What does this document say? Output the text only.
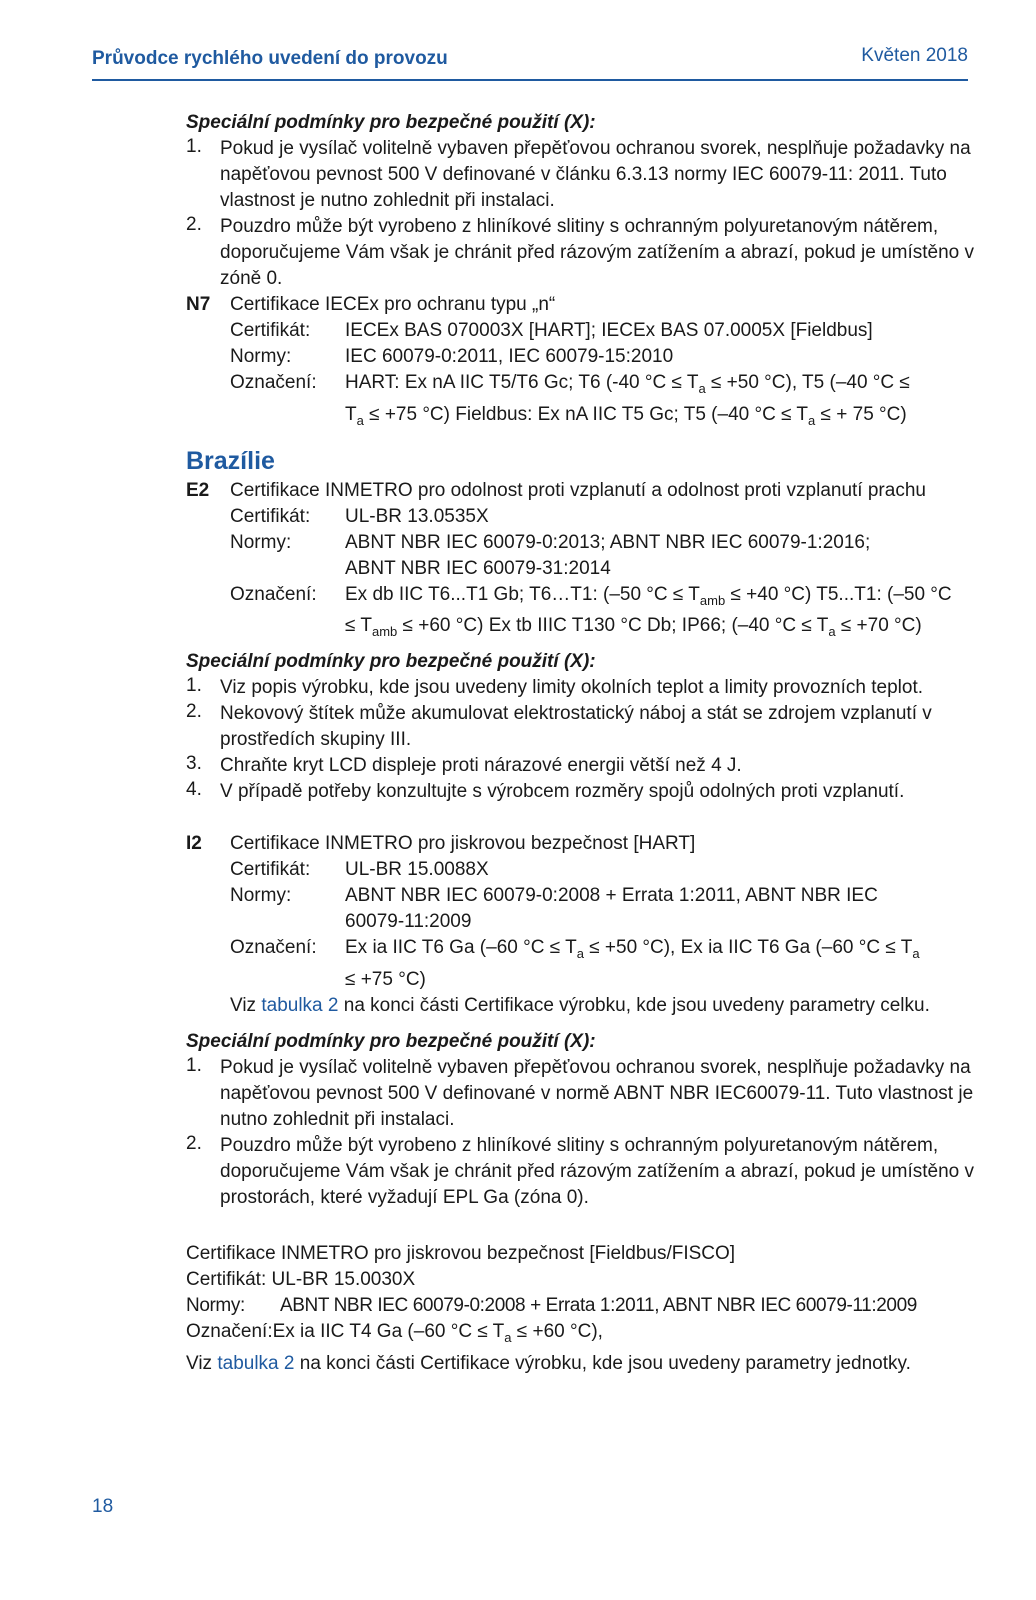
Průvodce rychlého uvedení do provozu	Květen 2018
Speciální podmínky pro bezpečné použití (X):
1. Pokud je vysílač volitelně vybaven přepěťovou ochranou svorek, nesplňuje požadavky na napěťovou pevnost 500 V definované v článku 6.3.13 normy IEC 60079-11: 2011. Tuto vlastnost je nutno zohlednit při instalaci.
2. Pouzdro může být vyrobeno z hliníkové slitiny s ochranným polyuretanovým nátěrem, doporučujeme Vám však je chránit před rázovým zatížením a abrazí, pokud je umístěno v zóně 0.
N7	Certifikace IECEx pro ochranu typu „n“
Certifikát:	IECEx BAS 070003X [HART]; IECEx BAS 07.0005X [Fieldbus]
Normy:	IEC 60079-0:2011, IEC 60079-15:2010
Označení:	HART: Ex nA IIC T5/T6 Gc; T6 (-40 $^\circ C \le T_a \le +50$ °C), T5 (–40 °C ≤
$T_a \le +75$ °C) Fieldbus: Ex nA IIC T5 Gc; T5 (–40 $^\circ C \le T_a$ ≤ + 75 °C)
Brazílie
E2	Certifikace INMETRO pro odolnost proti vzplanutí a odolnost proti vzplanutí prachu
Certifikát:	UL-BR 13.0535X
Normy:	ABNT NBR IEC 60079-0:2013; ABNT NBR IEC 60079-1:2016;
ABNT NBR IEC 60079-31:2014
Označení:	Ex db IIC T6...T1 Gb; T6…T1: (–50 $^\circ C \le T_{amb} \le +40$ °C) T5...T1: (–50 °C
≤ $T_{amb} \le +60$ °C) Ex tb IIIC T130 °C Db; IP66; (–40 $^\circ C \le T_a \le +70$ °C)
Speciální podmínky pro bezpečné použití (X):
1. Viz popis výrobku, kde jsou uvedeny limity okolních teplot a limity provozních teplot.
2. Nekovový štítek může akumulovat elektrostatický náboj a stát se zdrojem vzplanutí v prostředích skupiny III.
3. Chraňte kryt LCD displeje proti nárazové energii větší než 4 J.
4. V případě potřeby konzultujte s výrobcem rozměry spojů odolných proti vzplanutí.
I2	Certifikace INMETRO pro jiskrovou bezpečnost [HART]
Certifikát:	UL-BR 15.0088X
Normy:	ABNT NBR IEC 60079-0:2008 + Errata 1:2011, ABNT NBR IEC
60079-11:2009
Označení:	Ex ia IIC T6 Ga (–60 $^\circ C \le T_a \le +50$ °C), Ex ia IIC T6 Ga (–60 $^\circ C \le T_a$
≤ +75 °C)
Viz tabulka 2 na konci části Certifikace výrobku, kde jsou uvedeny parametry celku.
Speciální podmínky pro bezpečné použití (X):
1. Pokud je vysílač volitelně vybaven přepěťovou ochranou svorek, nesplňuje požadavky na napěťovou pevnost 500 V definované v normě ABNT NBR IEC60079-11. Tuto vlastnost je nutno zohlednit při instalaci.
2. Pouzdro může být vyrobeno z hliníkové slitiny s ochranným polyuretanovým nátěrem, doporučujeme Vám však je chránit před rázovým zatížením a abrazí, pokud je umístěno v prostorách, které vyžadují EPL Ga (zóna 0).
Certifikace INMETRO pro jiskrovou bezpečnost [Fieldbus/FISCO]
Certifikát: UL-BR 15.0030X
Normy: ABNT NBR IEC 60079-0:2008 + Errata 1:2011, ABNT NBR IEC 60079-11:2009
Označení:Ex ia IIC T4 Ga (–60 $^\circ C \le T_a \le +60$ °C),
Viz tabulka 2 na konci části Certifikace výrobku, kde jsou uvedeny parametry jednotky.
18
